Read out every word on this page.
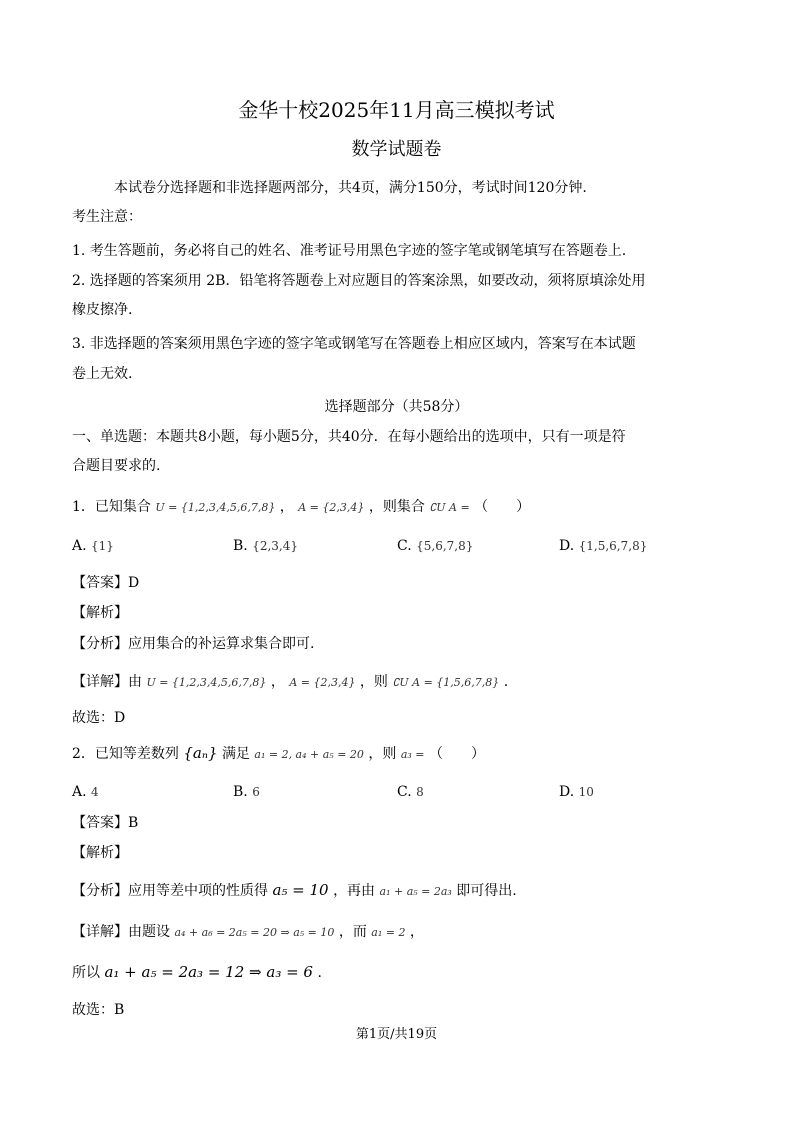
金华十校2025年11月高三模拟考试
数学试题卷
本试卷分选择题和非选择题两部分，共4页，满分150分，考试时间120分钟.
考生注意：
1. 考生答题前，务必将自己的姓名、准考证号用黑色字迹的签字笔或钢笔填写在答题卷上.
2. 选择题的答案须用 2B．铅笔将答题卷上对应题目的答案涂黑，如要改动，须将原填涂处用
橡皮擦净.
3. 非选择题的答案须用黑色字迹的签字笔或钢笔写在答题卷上相应区域内，答案写在本试题
卷上无效.
选择题部分（共58分）
一、单选题：本题共8小题，每小题5分，共40分．在每小题给出的选项中，只有一项是符
合题目要求的.
1．已知集合 U = {1,2,3,4,5,6,7,8} ， A = {2,3,4} ，则集合 ∁U A = （　　）
A. {1}	B. {2,3,4}	C. {5,6,7,8}	D. {1,5,6,7,8}
【答案】D
【解析】
【分析】应用集合的补运算求集合即可.
【详解】由 U = {1,2,3,4,5,6,7,8} ， A = {2,3,4} ，则 ∁U A = {1,5,6,7,8} .
故选：D
2．已知等差数列 {aₙ} 满足 a₁ = 2, a₄ + a₅ = 20 ，则 a₃ = （　　）
A. 4	B. 6	C. 8	D. 10
【答案】B
【解析】
【分析】应用等差中项的性质得 a₅ = 10 ，再由 a₁ + a₅ = 2a₃ 即可得出.
【详解】由题设 a₄ + a₆ = 2a₅ = 20 ⇒ a₅ = 10 ，而 a₁ = 2 ，
所以 a₁ + a₅ = 2a₃ = 12 ⇒ a₃ = 6 .
故选：B
第1页/共19页
